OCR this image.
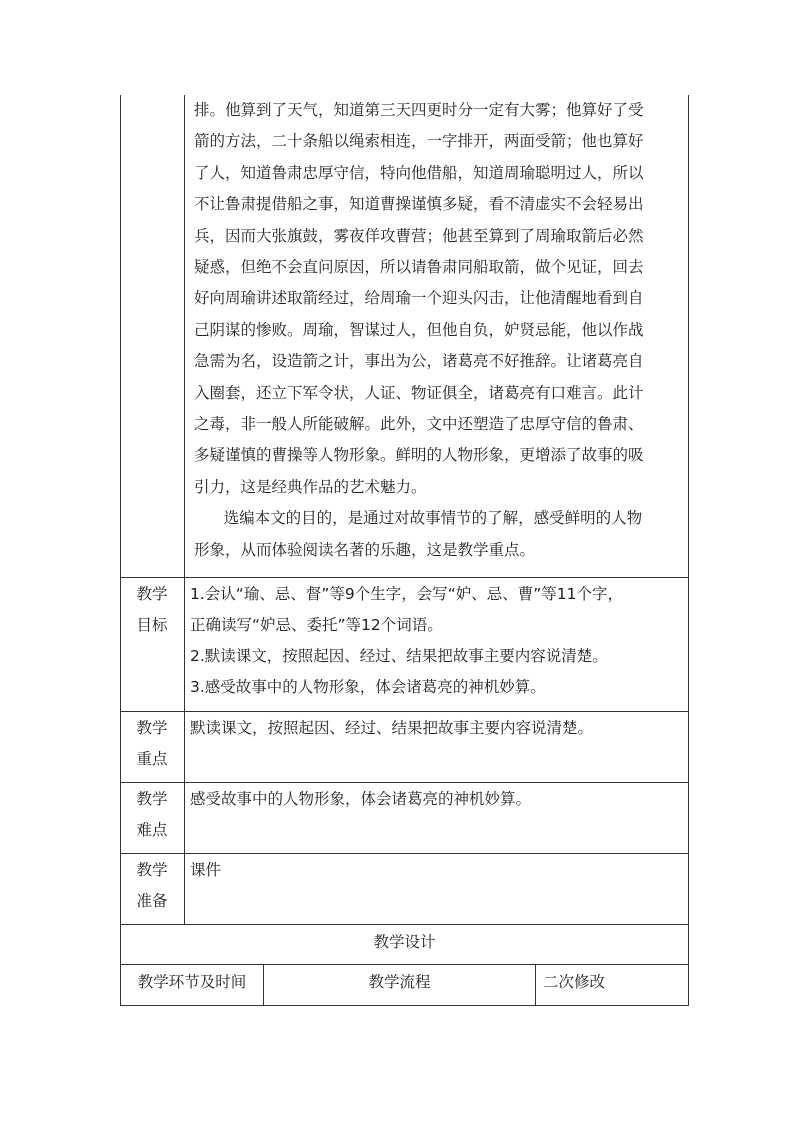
排。他算到了天气，知道第三天四更时分一定有大雾；他算好了受

箭的方法，二十条船以绳索相连，一字排开，两面受箭；他也算好

了人，知道鲁肃忠厚守信，特向他借船，知道周瑜聪明过人，所以

不让鲁肃提借船之事，知道曹操谨慎多疑，看不清虚实不会轻易出

兵，因而大张旗鼓，雾夜佯攻曹营；他甚至算到了周瑜取箭后必然

疑惑，但绝不会直问原因，所以请鲁肃同船取箭，做个见证，回去

好向周瑜讲述取箭经过，给周瑜一个迎头闪击，让他清醒地看到自

己阴谋的惨败。周瑜，智谋过人，但他自负，妒贤忌能，他以作战

急需为名，设造箭之计，事出为公，诸葛亮不好推辞。让诸葛亮自

入圈套，还立下军令状，人证、物证俱全，诸葛亮有口难言。此计

之毒，非一般人所能破解。此外，文中还塑造了忠厚守信的鲁肃、

多疑谨慎的曹操等人物形象。鲜明的人物形象，更增添了故事的吸

引力，这是经典作品的艺术魅力。

选编本文的目的，是通过对故事情节的了解，感受鲜明的人物

形象，从而体验阅读名著的乐趣，这是教学重点。

教学
目标

1.会认“瑜、忌、督”等9个生字，会写“妒、忌、曹”等11个字，

正确读写“妒忌、委托”等12个词语。

2.默读课文，按照起因、经过、结果把故事主要内容说清楚。

3.感受故事中的人物形象，体会诸葛亮的神机妙算。

教学
重点

默读课文，按照起因、经过、结果把故事主要内容说清楚。

教学
难点

感受故事中的人物形象，体会诸葛亮的神机妙算。

教学
准备

课件

教学设计
教学环节及时间	教学流程	二次修改
